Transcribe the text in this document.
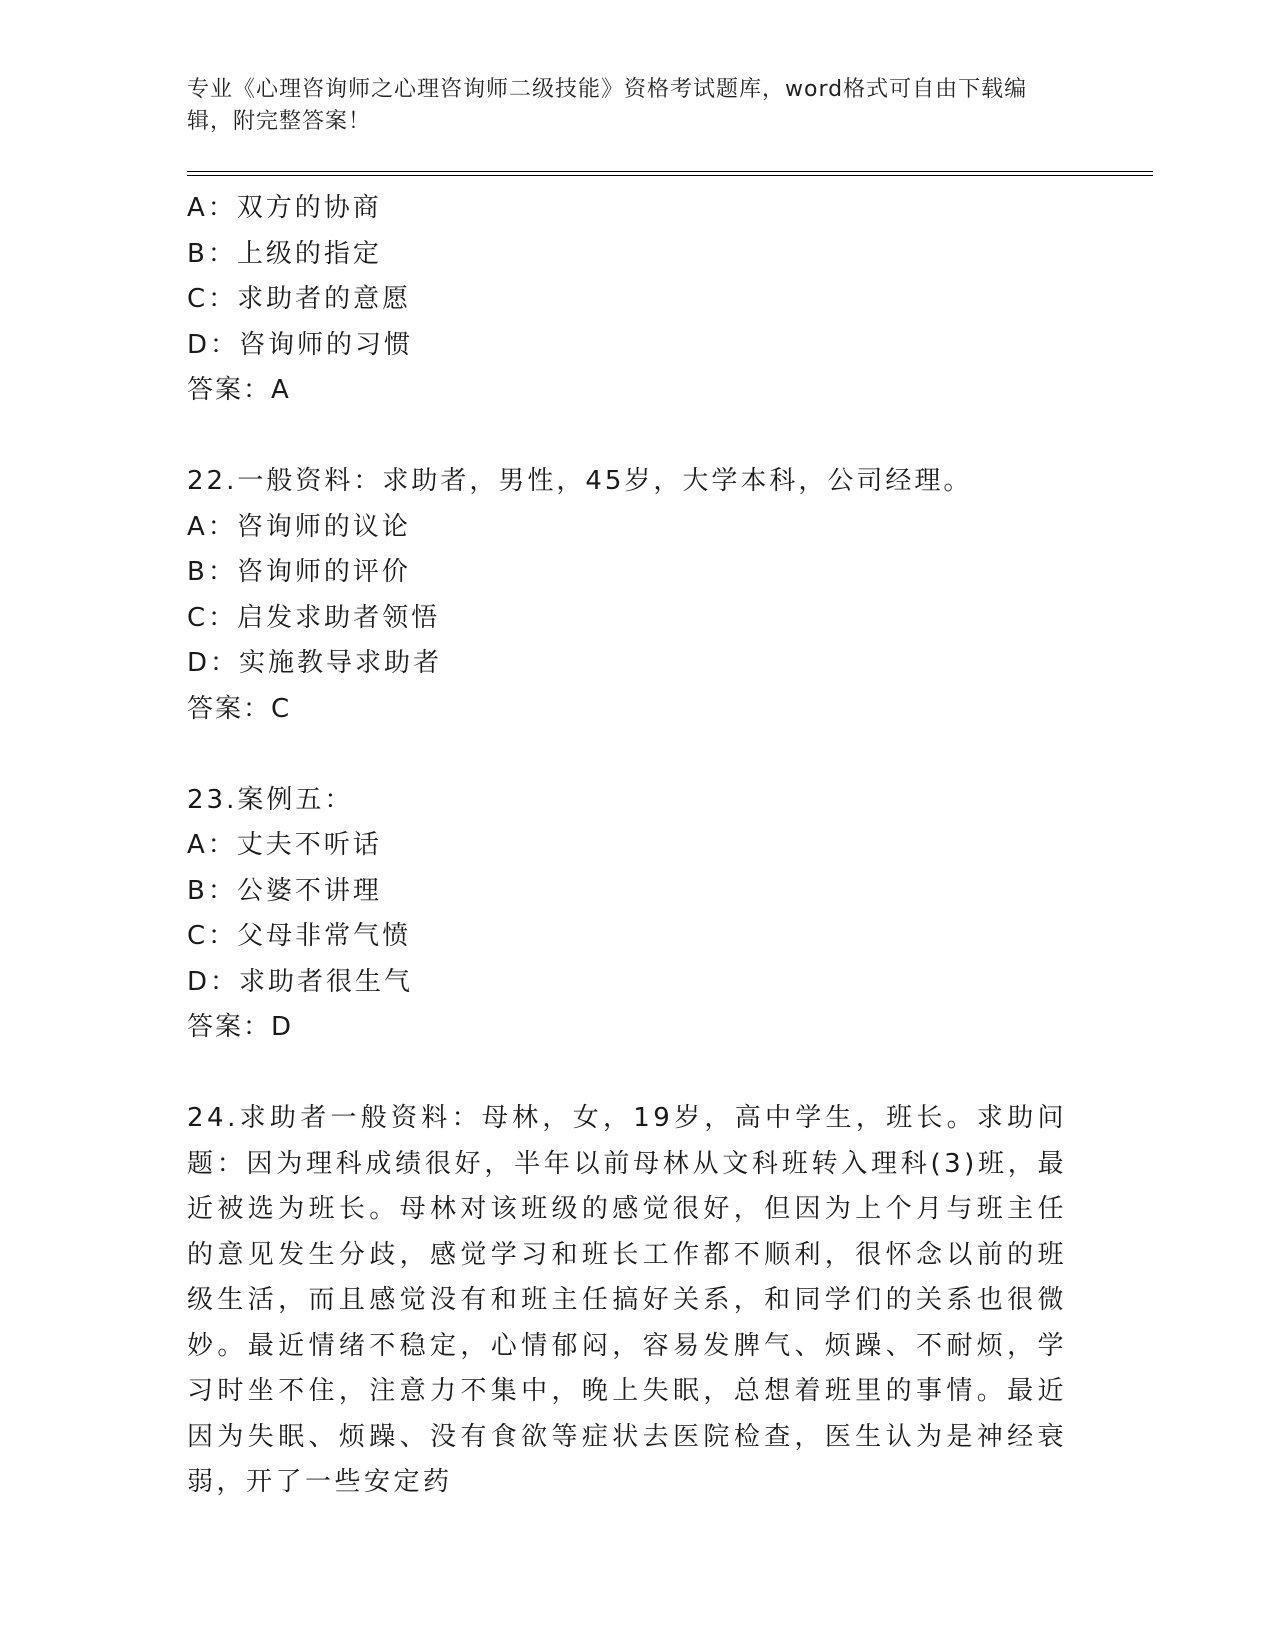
专业《心理咨询师之心理咨询师二级技能》资格考试题库，word格式可自由下载编辑，附完整答案！
A：双方的协商
B：上级的指定
C：求助者的意愿
D：咨询师的习惯
答案：A
22.一般资料：求助者，男性，45岁，大学本科，公司经理。
A：咨询师的议论
B：咨询师的评价
C：启发求助者领悟
D：实施教导求助者
答案：C
23.案例五：
A：丈夫不听话
B：公婆不讲理
C：父母非常气愤
D：求助者很生气
答案：D
24.求助者一般资料：母林，女，19岁，高中学生，班长。求助问题：因为理科成绩很好，半年以前母林从文科班转入理科(3)班，最近被选为班长。母林对该班级的感觉很好，但因为上个月与班主任的意见发生分歧，感觉学习和班长工作都不顺利，很怀念以前的班级生活，而且感觉没有和班主任搞好关系，和同学们的关系也很微妙。最近情绪不稳定，心情郁闷，容易发脾气、烦躁、不耐烦，学习时坐不住，注意力不集中，晚上失眠，总想着班里的事情。最近因为失眠、烦躁、没有食欲等症状去医院检查，医生认为是神经衰弱，开了一些安定药
